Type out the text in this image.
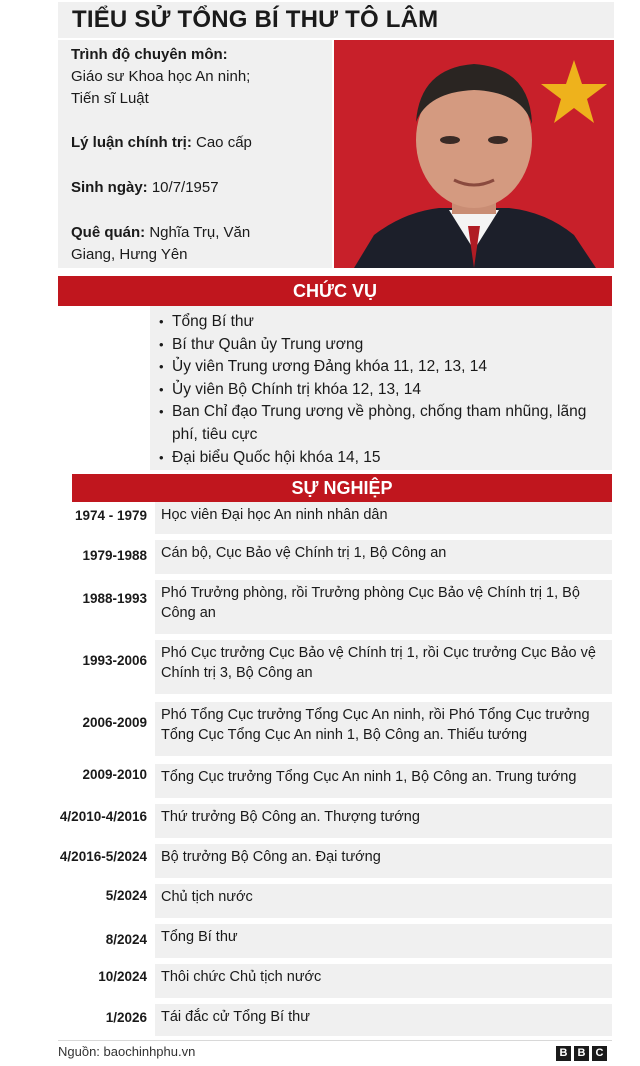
TIỂU SỬ TỔNG BÍ THƯ TÔ LÂM
Trình độ chuyên môn:
Giáo sư Khoa học An ninh;
Tiến sĩ Luật
Lý luận chính trị: Cao cấp
Sinh ngày: 10/7/1957
Quê quán: Nghĩa Trụ, Văn
Giang, Hưng Yên
CHỨC VỤ
• Tổng Bí thư
• Bí thư Quân ủy Trung ương
• Ủy viên Trung ương Đảng khóa 11, 12, 13, 14
• Ủy viên Bộ Chính trị khóa 12, 13, 14
• Ban Chỉ đạo Trung ương về phòng, chống tham nhũng, lãng phí, tiêu cực
• Đại biểu Quốc hội khóa 14, 15
SỰ NGHIỆP
1974 - 1979 Học viên Đại học An ninh nhân dân
1979-1988 Cán bộ, Cục Bảo vệ Chính trị 1, Bộ Công an
1988-1993 Phó Trưởng phòng, rồi Trưởng phòng Cục Bảo vệ Chính trị 1, Bộ Công an
1993-2006 Phó Cục trưởng Cục Bảo vệ Chính trị 1, rồi Cục trưởng Cục Bảo vệ Chính trị 3, Bộ Công an
2006-2009 Phó Tổng Cục trưởng Tổng Cục An ninh, rồi Phó Tổng Cục trưởng Tổng Cục Tổng Cục An ninh 1, Bộ Công an. Thiếu tướng
2009-2010 Tổng Cục trưởng Tổng Cục An ninh 1, Bộ Công an. Trung tướng
4/2010-4/2016 Thứ trưởng Bộ Công an. Thượng tướng
4/2016-5/2024 Bộ trưởng Bộ Công an. Đại tướng
5/2024 Chủ tịch nước
8/2024 Tổng Bí thư
10/2024 Thôi chức Chủ tịch nước
1/2026 Tái đắc cử Tổng Bí thư
Nguồn: baochinhphu.vn	B B C
